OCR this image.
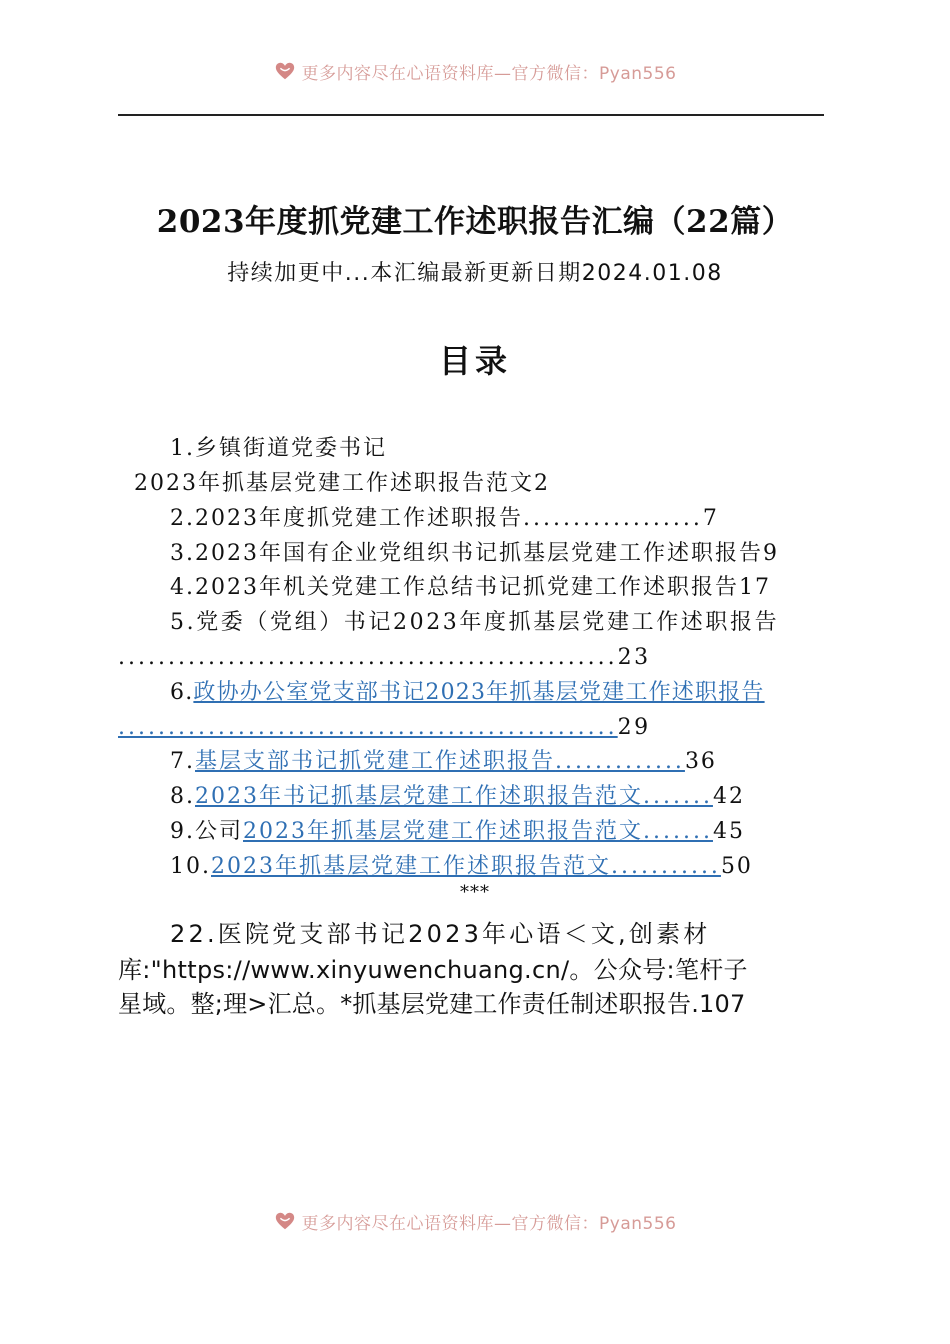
更多内容尽在心语资料库—官方微信：Pyan556
2023年度抓党建工作述职报告汇编（22篇）
持续加更中...本汇编最新更新日期2024.01.08
目录
1.乡镇街道党委书记
2023年抓基层党建工作述职报告范文2
2.2023年度抓党建工作述职报告..................7
3.2023年国有企业党组织书记抓基层党建工作述职报告9
4.2023年机关党建工作总结书记抓党建工作述职报告17
5.党委（党组）书记2023年度抓基层党建工作述职报告
..................................................23
6.政协办公室党支部书记2023年抓基层党建工作述职报告
..................................................29
7.基层支部书记抓党建工作述职报告.............36
8.2023年书记抓基层党建工作述职报告范文.......42
9.公司2023年抓基层党建工作述职报告范文.......45
10.2023年抓基层党建工作述职报告范文...........50
***
22.医院党支部书记2023年心语＜文,创素材
库:"https://www.xinyuwenchuang.cn/。公众号:笔杆子
星域。整;理>汇总。*抓基层党建工作责任制述职报告.107
更多内容尽在心语资料库—官方微信：Pyan556
